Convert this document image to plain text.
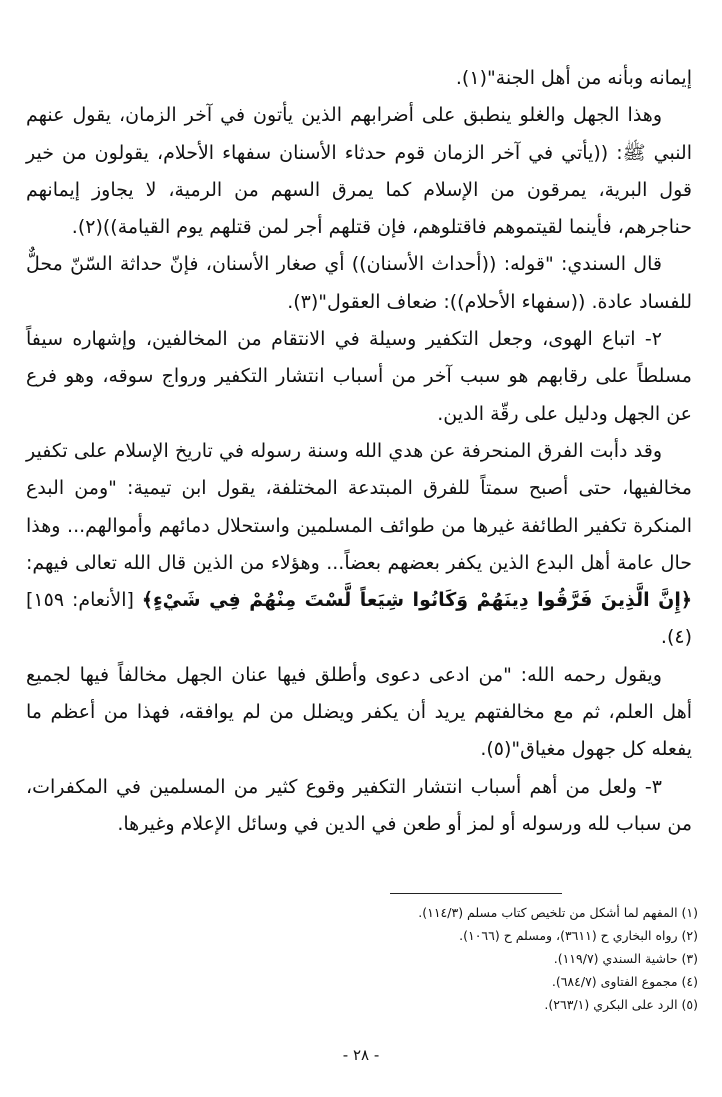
إيمانه وبأنه من أهل الجنة"(١).

وهذا الجهل والغلو ينطبق على أضرابهم الذين يأتون في آخر الزمان، يقول عنهم النبي ﷺ: ((يأتي في آخر الزمان قوم حدثاء الأسنان سفهاء الأحلام، يقولون من خير قول البرية، يمرقون من الإسلام كما يمرق السهم من الرمية، لا يجاوز إيمانهم حناجرهم، فأينما لقيتموهم فاقتلوهم، فإن قتلهم أجر لمن قتلهم يوم القيامة))(٢).

قال السندي: "قوله: ((أحداث الأسنان)) أي صغار الأسنان، فإنّ حداثة السّنّ محلٌّ للفساد عادة. ((سفهاء الأحلام)): ضعاف العقول"(٣).

٢- اتباع الهوى، وجعل التكفير وسيلة في الانتقام من المخالفين، وإشهاره سيفاً مسلطاً على رقابهم هو سبب آخر من أسباب انتشار التكفير ورواج سوقه، وهو فرع عن الجهل ودليل على رقّة الدين.

وقد دأبت الفرق المنحرفة عن هدي الله وسنة رسوله في تاريخ الإسلام على تكفير مخالفيها، حتى أصبح سمتاً للفرق المبتدعة المختلفة، يقول ابن تيمية: "ومن البدع المنكرة تكفير الطائفة غيرها من طوائف المسلمين واستحلال دمائهم وأموالهم... وهذا حال عامة أهل البدع الذين يكفر بعضهم بعضاً... وهؤلاء من الذين قال الله تعالى فيهم: ﴿إِنَّ الَّذِينَ فَرَّقُوا دِينَهُمْ وَكَانُوا شِيَعاً لَّسْتَ مِنْهُمْ فِي شَيْءٍ﴾ [الأنعام: ١٥٩](٤).

ويقول رحمه الله: "من ادعى دعوى وأطلق فيها عنان الجهل مخالفاً فيها لجميع أهل العلم، ثم مع مخالفتهم يريد أن يكفر ويضلل من لم يوافقه، فهذا من أعظم ما يفعله كل جهول مغياق"(٥).

٣- ولعل من أهم أسباب انتشار التكفير وقوع كثير من المسلمين في المكفرات، من سباب لله ورسوله أو لمز أو طعن في الدين في وسائل الإعلام وغيرها.

(١) المفهم لما أشكل من تلخيص كتاب مسلم (١١٤/٣).

(٢) رواه البخاري ح (٣٦١١)، ومسلم ح (١٠٦٦).

(٣) حاشية السندي (١١٩/٧).

(٤) مجموع الفتاوى (٦٨٤/٧).

(٥) الرد على البكري (٢٦٣/١).

- ٢٨ -
